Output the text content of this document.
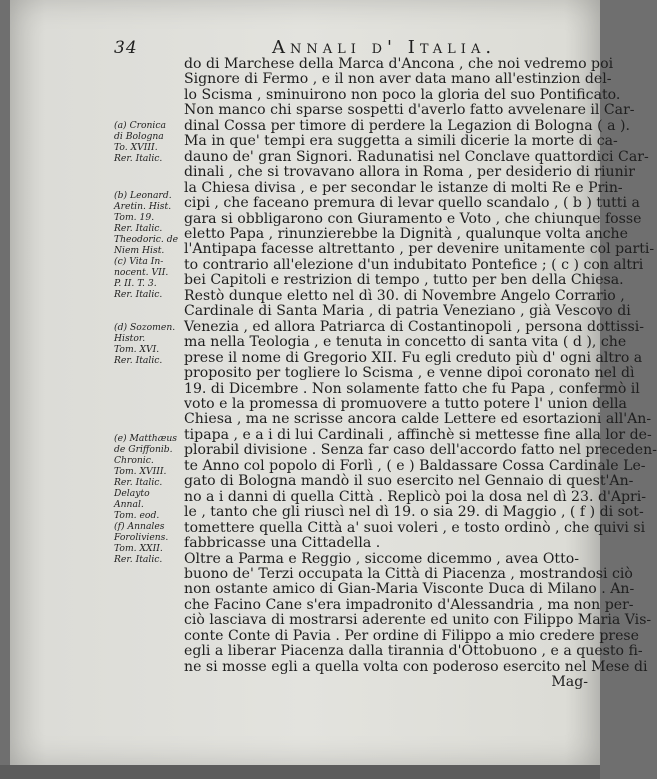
34	Annali d' Italia.
do di Marchese della Marca d'Ancona , che noi vedremo poi
Signore di Fermo , e il non aver data mano all'estinzion del-
lo Scisma , sminuirono non poco la gloria del suo Pontificato.
Non manco chi sparse sospetti d'averlo fatto avvelenare il Car-
dinal Cossa per timore di perdere la Legazion di Bologna ( a ).
Ma in que' tempi era suggetta a simili dicerie la morte di ca-
dauno de' gran Signori. Radunatisi nel Conclave quattordici Car-
dinali , che si trovavano allora in Roma , per desiderio di riunir
la Chiesa divisa , e per secondar le istanze di molti Re e Prin-
cipi , che faceano premura di levar quello scandalo , ( b ) tutti a
gara si obbligarono con Giuramento e Voto , che chiunque fosse
eletto Papa , rinunzierebbe la Dignità , qualunque volta anche
l'Antipapa facesse altrettanto , per devenire unitamente col parti-
to contrario all'elezione d'un indubitato Pontefice ; ( c ) con altri
bei Capitoli e restrizion di tempo , tutto per ben della Chiesa.
Restò dunque eletto nel dì 30. di Novembre Angelo Corrario ,
Cardinale di Santa Maria , di patria Veneziano , già Vescovo di
Venezia , ed allora Patriarca di Costantinopoli , persona dottissi-
ma nella Teologia , e tenuta in concetto di santa vita ( d ), che
prese il nome di Gregorio XII. Fu egli creduto più d' ogni altro a
proposito per togliere lo Scisma , e venne dipoi coronato nel dì
19. di Dicembre . Non solamente fatto che fu Papa , confermò il
voto e la promessa di promuovere a tutto potere l' union della
Chiesa , ma ne scrisse ancora calde Lettere ed esortazioni all'An-
tipapa , e a i di lui Cardinali , affinchè si mettesse fine alla lor de-
plorabil divisione . Senza far caso dell'accordo fatto nel preceden-
te Anno col popolo di Forlì , ( e ) Baldassare Cossa Cardinale Le-
gato di Bologna mandò il suo esercito nel Gennaio di quest'An-
no a i danni di quella Città . Replicò poi la dosa nel dì 23. d'Apri-
le , tanto che gli riuscì nel dì 19. o sia 29. di Maggio , ( f ) di sot-
tomettere quella Città a' suoi voleri , e tosto ordinò , che quivi si
fabbricasse una Cittadella .
Oltre a Parma e Reggio , siccome dicemmo , avea Otto-
buono de' Terzi occupata la Città di Piacenza , mostrandosi ciò
non ostante amico di Gian-Maria Visconte Duca di Milano . An-
che Facino Cane s'era impadronito d'Alessandria , ma non per-
ciò lasciava di mostrarsi aderente ed unito con Filippo Maria Vis-
conte Conte di Pavia . Per ordine di Filippo a mio credere prese
egli a liberar Piacenza dalla tirannia d'Ottobuono , e a questo fi-
ne si mosse egli a quella volta con poderoso esercito nel Mese di
Mag-
(a) Cronica
di Bologna
To. XVIII.
Rer. Italic.
(b) Leonard.
Aretin. Hist.
Tom. 19.
Rer. Italic.
Theodoric. de
Niem Hist.
(c) Vita In-
nocent. VII.
P. II. T. 3.
Rer. Italic.
(d) Sozomen.
Histor.
Tom. XVI.
Rer. Italic.
(e) Matthæus
de Griffonib.
Chronic.
Tom. XVIII.
Rer. Italic.
Delayto
Annal.
Tom. eod.
(f) Annales
Foroliviens.
Tom. XXII.
Rer. Italic.
